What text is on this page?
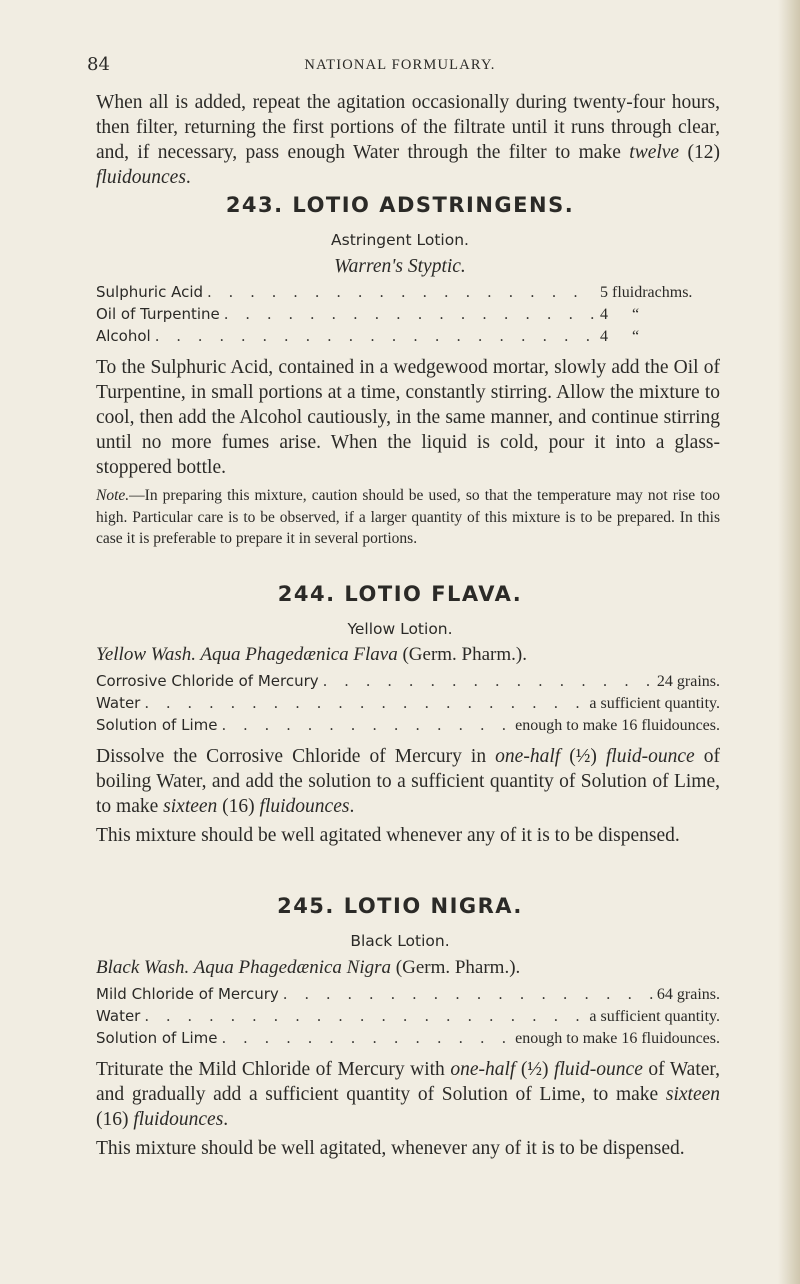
84	NATIONAL FORMULARY.
When all is added, repeat the agitation occasionally during twenty-four hours, then filter, returning the first portions of the filtrate until it runs through clear, and, if necessary, pass enough Water through the filter to make twelve (12) fluidounces.
243. LOTIO ADSTRINGENS.
Astringent Lotion.
Warren's Styptic.
Sulphuric Acid . . .	5 fluidrachms.
Oil of Turpentine . . .	4      “
Alcohol . . .	4      “
To the Sulphuric Acid, contained in a wedgewood mortar, slowly add the Oil of Turpentine, in small portions at a time, constantly stirring. Allow the mixture to cool, then add the Alcohol cautiously, in the same manner, and continue stirring until no more fumes arise. When the liquid is cold, pour it into a glass-stoppered bottle.
Note.—In preparing this mixture, caution should be used, so that the temperature may not rise too high. Particular care is to be observed, if a larger quantity of this mixture is to be prepared. In this case it is preferable to prepare it in several portions.
244. LOTIO FLAVA.
Yellow Lotion.
Yellow Wash. Aqua Phagedænica Flava (Germ. Pharm.).
Corrosive Chloride of Mercury . . .	24 grains.
Water . . .	a sufficient quantity.
Solution of Lime . . .	enough to make 16 fluidounces.
Dissolve the Corrosive Chloride of Mercury in one-half (½) fluid-ounce of boiling Water, and add the solution to a sufficient quantity of Solution of Lime, to make sixteen (16) fluidounces.
This mixture should be well agitated whenever any of it is to be dispensed.
245. LOTIO NIGRA.
Black Lotion.
Black Wash. Aqua Phagedænica Nigra (Germ. Pharm.).
Mild Chloride of Mercury . . .	64 grains.
Water . . .	a sufficient quantity.
Solution of Lime . . .	enough to make 16 fluidounces.
Triturate the Mild Chloride of Mercury with one-half (½) fluid-ounce of Water, and gradually add a sufficient quantity of Solution of Lime, to make sixteen (16) fluidounces.
This mixture should be well agitated, whenever any of it is to be dispensed.
